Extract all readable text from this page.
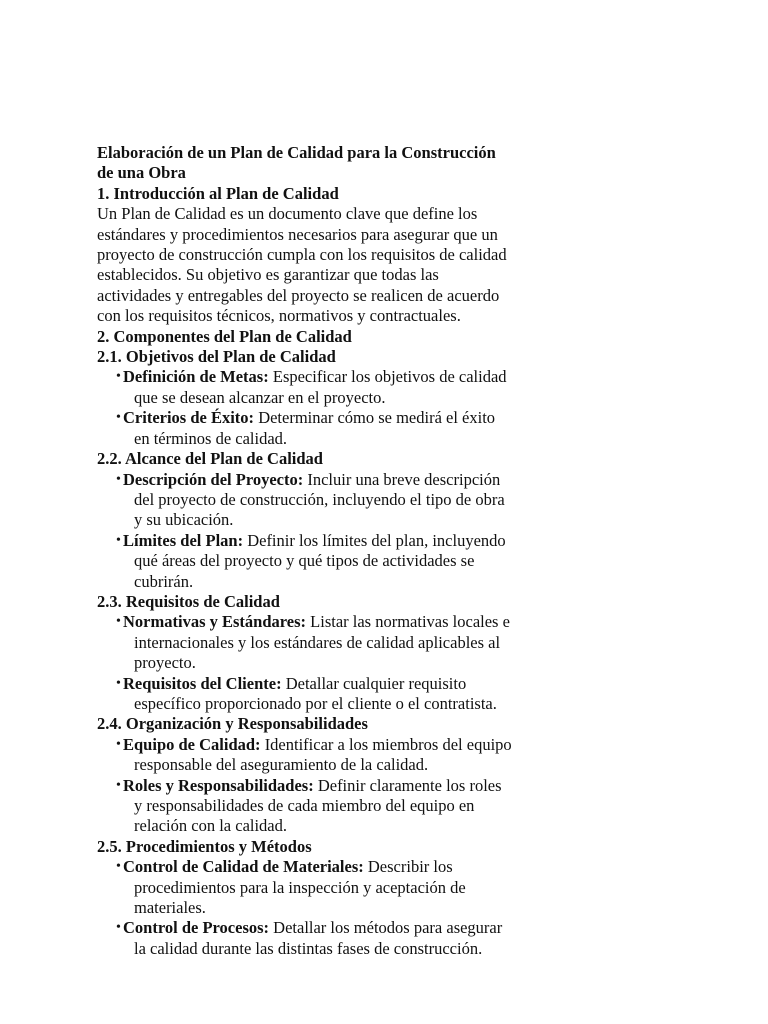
Elaboración de un Plan de Calidad para la Construcción
de una Obra
1. Introducción al Plan de Calidad
Un Plan de Calidad es un documento clave que define los
estándares y procedimientos necesarios para asegurar que un
proyecto de construcción cumpla con los requisitos de calidad
establecidos. Su objetivo es garantizar que todas las
actividades y entregables del proyecto se realicen de acuerdo
con los requisitos técnicos, normativos y contractuales.
2. Componentes del Plan de Calidad
2.1. Objetivos del Plan de Calidad
• Definición de Metas: Especificar los objetivos de calidad
que se desean alcanzar en el proyecto.
• Criterios de Éxito: Determinar cómo se medirá el éxito
en términos de calidad.
2.2. Alcance del Plan de Calidad
• Descripción del Proyecto: Incluir una breve descripción
del proyecto de construcción, incluyendo el tipo de obra
y su ubicación.
• Límites del Plan: Definir los límites del plan, incluyendo
qué áreas del proyecto y qué tipos de actividades se
cubrirán.
2.3. Requisitos de Calidad
• Normativas y Estándares: Listar las normativas locales e
internacionales y los estándares de calidad aplicables al
proyecto.
• Requisitos del Cliente: Detallar cualquier requisito
específico proporcionado por el cliente o el contratista.
2.4. Organización y Responsabilidades
• Equipo de Calidad: Identificar a los miembros del equipo
responsable del aseguramiento de la calidad.
• Roles y Responsabilidades: Definir claramente los roles
y responsabilidades de cada miembro del equipo en
relación con la calidad.
2.5. Procedimientos y Métodos
• Control de Calidad de Materiales: Describir los
procedimientos para la inspección y aceptación de
materiales.
• Control de Procesos: Detallar los métodos para asegurar
la calidad durante las distintas fases de construcción.
